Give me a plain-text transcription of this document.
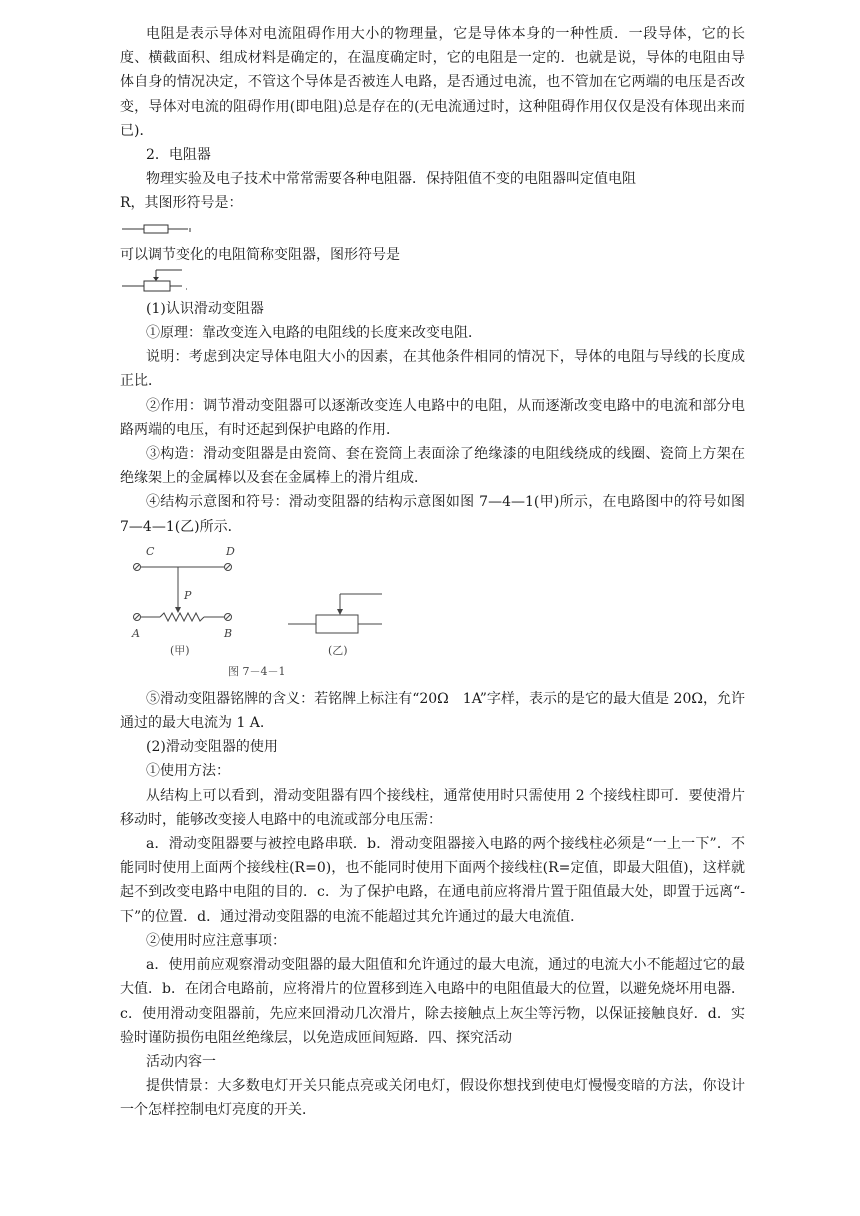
电阻是表示导体对电流阻碍作用大小的物理量，它是导体本身的一种性质．一段导体，它的长度、横截面积、组成材料是确定的，在温度确定时，它的电阻是一定的．也就是说，导体的电阻由导体自身的情况决定，不管这个导体是否被连人电路，是否通过电流，也不管加在它两端的电压是否改变，导体对电流的阻碍作用(即电阻)总是存在的(无电流通过时，这种阻碍作用仅仅是没有体现出来而已)．

2．电阻器

物理实验及电子技术中常常需要各种电阻器．保持阻值不变的电阻器叫定值电阻

R，其图形符号是：

可以调节变化的电阻简称变阻器，图形符号是

(1)认识滑动变阻器

①原理：靠改变连入电路的电阻线的长度来改变电阻．

说明：考虑到决定导体电阻大小的因素，在其他条件相同的情况下，导体的电阻与导线的长度成正比．

②作用：调节滑动变阻器可以逐渐改变连人电路中的电阻，从而逐渐改变电路中的电流和部分电路两端的电压，有时还起到保护电路的作用．

③构造：滑动变阻器是由瓷筒、套在瓷筒上表面涂了绝缘漆的电阻线绕成的线圈、瓷筒上方架在绝缘架上的金属棒以及套在金属棒上的滑片组成．

④结构示意图和符号：滑动变阻器的结构示意图如图 7—4—1(甲)所示，在电路图中的符号如图 7—4—1(乙)所示．

C	D
P
A	B
(甲)	(乙)
图 7－4－1

⑤滑动变阻器铭牌的含义：若铭牌上标注有“20Ω　1A”字样，表示的是它的最大值是 20Ω，允许通过的最大电流为 1 A.

(2)滑动变阻器的使用

①使用方法：

从结构上可以看到，滑动变阻器有四个接线柱，通常使用时只需使用 2 个接线柱即可．要使滑片移动时，能够改变接人电路中的电流或部分电压需：

a．滑动变阻器要与被控电路串联．b．滑动变阻器接入电路的两个接线柱必须是“一上一下”．不能同时使用上面两个接线柱(R=0)，也不能同时使用下面两个接线柱(R=定值，即最大阻值)，这样就起不到改变电路中电阻的目的．c．为了保护电路，在通电前应将滑片置于阻值最大处，即置于远离“-下”的位置．d．通过滑动变阻器的电流不能超过其允许通过的最大电流值．

②使用时应注意事项：

a．使用前应观察滑动变阻器的最大阻值和允许通过的最大电流，通过的电流大小不能超过它的最大值．b．在闭合电路前，应将滑片的位置移到连入电路中的电阻值最大的位置，以避免烧坏用电器．c．使用滑动变阻器前，先应来回滑动几次滑片，除去接触点上灰尘等污物，以保证接触良好．d．实验时谨防损伤电阻丝绝缘层，以免造成匝间短路．四、探究活动

活动内容一

提供情景：大多数电灯开关只能点亮或关闭电灯，假设你想找到使电灯慢慢变暗的方法，你设计一个怎样控制电灯亮度的开关．
